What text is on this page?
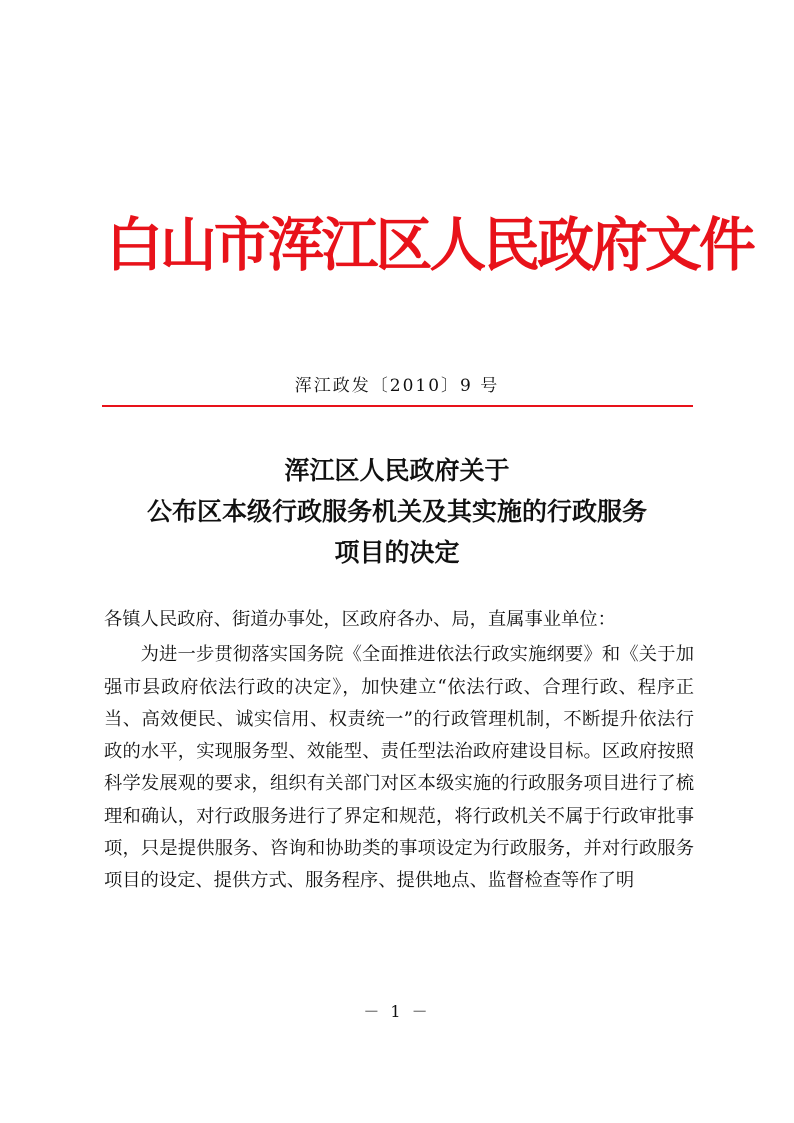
白山市浑江区人民政府文件
浑江政发〔2010〕9 号
浑江区人民政府关于
公布区本级行政服务机关及其实施的行政服务
项目的决定
各镇人民政府、街道办事处，区政府各办、局，直属事业单位：
为进一步贯彻落实国务院《全面推进依法行政实施纲要》和《关于加强市县政府依法行政的决定》，加快建立“依法行政、合理行政、程序正当、高效便民、诚实信用、权责统一”的行政管理机制，不断提升依法行政的水平，实现服务型、效能型、责任型法治政府建设目标。区政府按照科学发展观的要求，组织有关部门对区本级实施的行政服务项目进行了梳理和确认，对行政服务进行了界定和规范，将行政机关不属于行政审批事项，只是提供服务、咨询和协助类的事项设定为行政服务，并对行政服务项目的设定、提供方式、服务程序、提供地点、监督检查等作了明
－ 1 －
